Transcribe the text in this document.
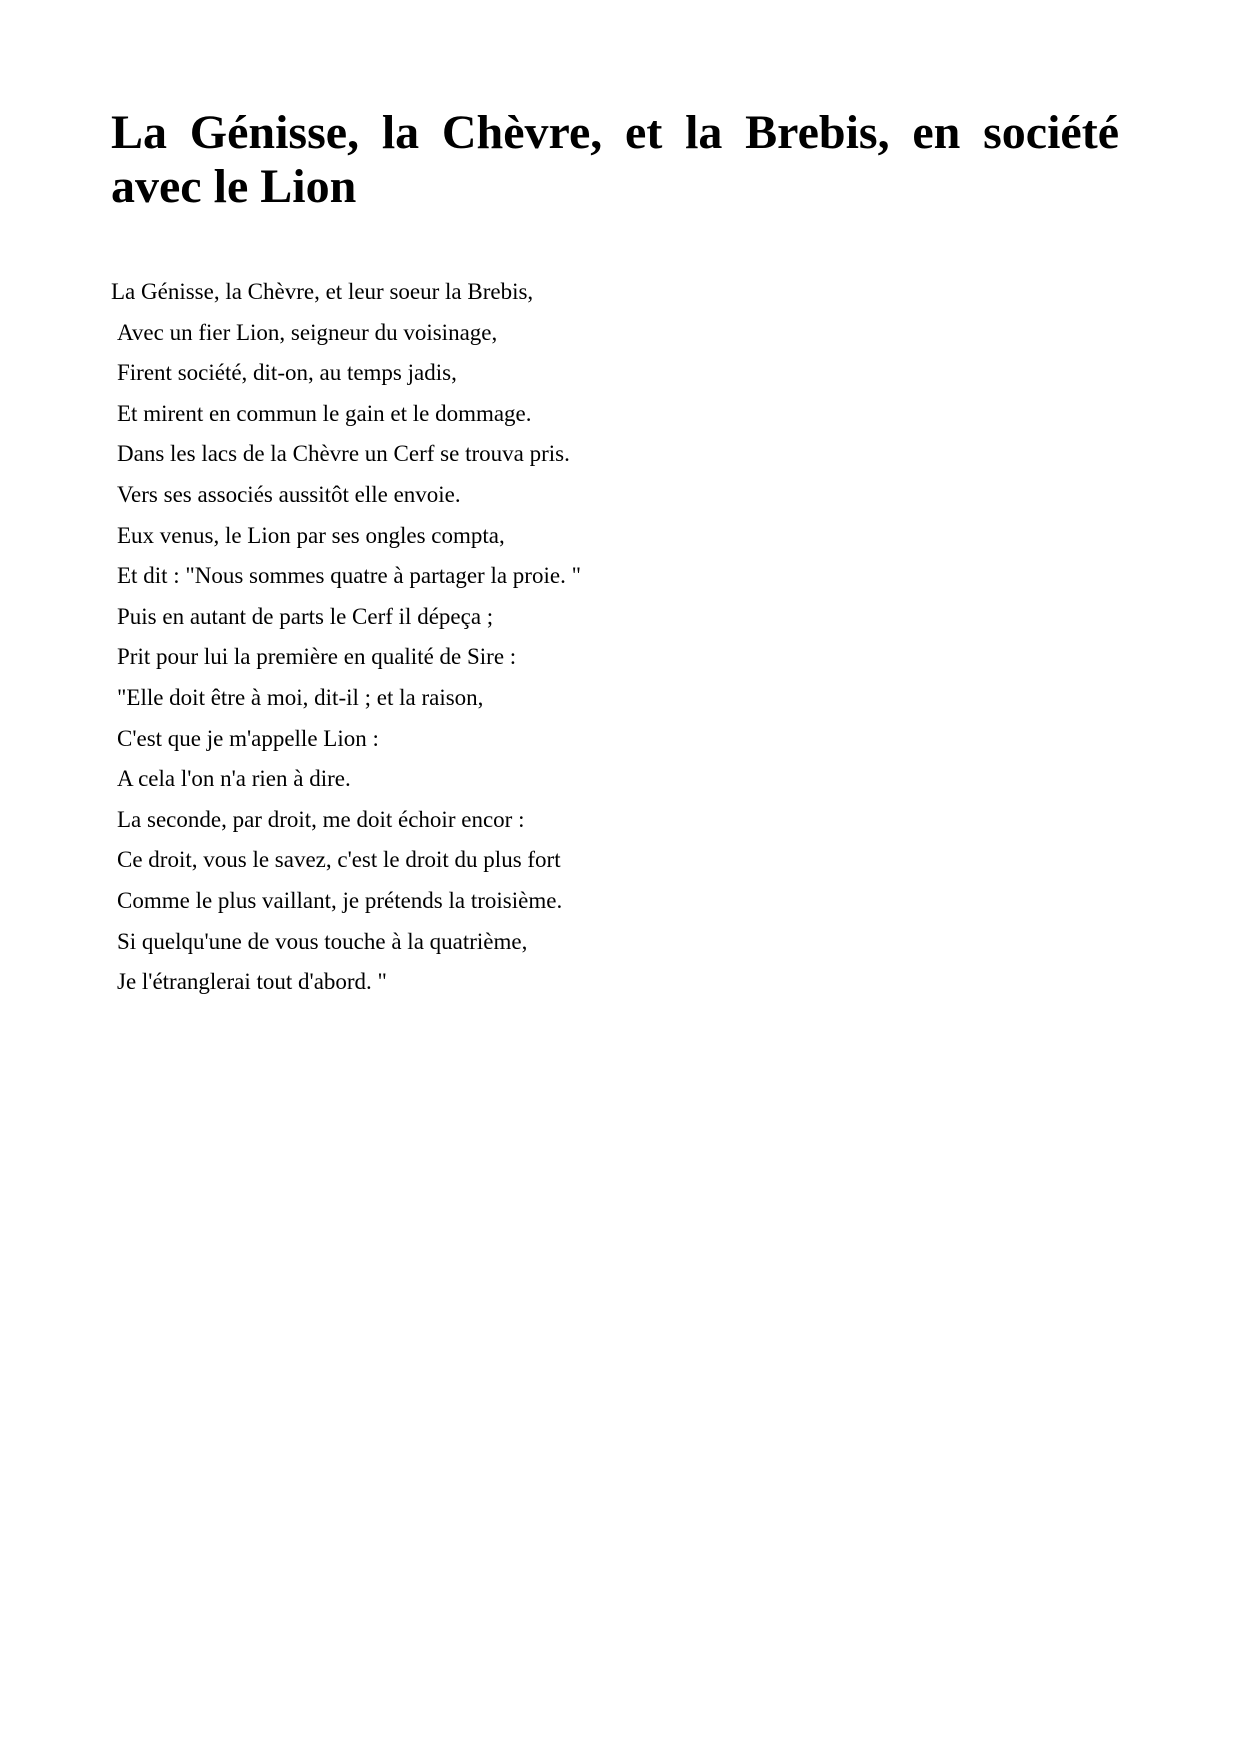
La Génisse, la Chèvre, et la Brebis, en société avec le Lion
La Génisse, la Chèvre, et leur soeur la Brebis,
Avec un fier Lion, seigneur du voisinage,
Firent société, dit-on, au temps jadis,
Et mirent en commun le gain et le dommage.
Dans les lacs de la Chèvre un Cerf se trouva pris.
Vers ses associés aussitôt elle envoie.
Eux venus, le Lion par ses ongles compta,
Et dit : "Nous sommes quatre à partager la proie. "
Puis en autant de parts le Cerf il dépeça ;
Prit pour lui la première en qualité de Sire :
"Elle doit être à moi, dit-il ; et la raison,
C'est que je m'appelle Lion :
A cela l'on n'a rien à dire.
La seconde, par droit, me doit échoir encor :
Ce droit, vous le savez, c'est le droit du plus fort
Comme le plus vaillant, je prétends la troisième.
Si quelqu'une de vous touche à la quatrième,
Je l'étranglerai tout d'abord. "
